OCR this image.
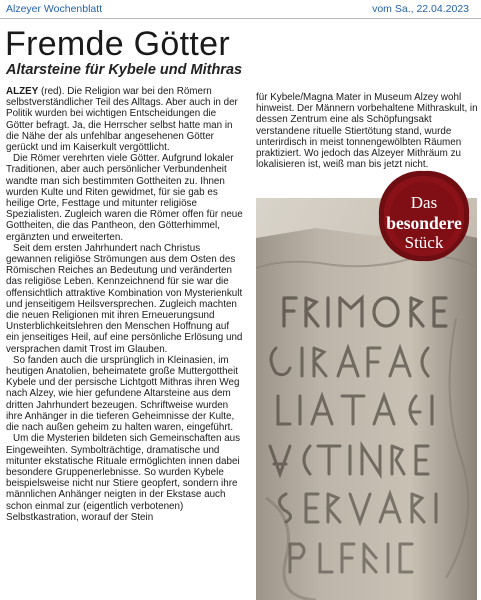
Alzeyer Wochenblatt	vom Sa., 22.04.2023
Fremde Götter
Altarsteine für Kybele und Mithras

ALZEY (red). Die Religion war bei den Römern selbstverständlicher Teil des Alltags. Aber auch in der Politik wurden bei wichtigen Entscheidungen die Götter befragt. Ja, die Herrscher selbst hatte man in die Nähe der als unfehlbar angesehenen Götter gerückt und im Kaiserkult vergöttlicht.

Die Römer verehrten viele Götter. Aufgrund lokaler Traditionen, aber auch persönlicher Verbundenheit wandte man sich bestimmten Gottheiten zu. Ihnen wurden Kulte und Riten gewidmet, für sie gab es heilige Orte, Festtage und mitunter religiöse Spezialisten. Zugleich waren die Römer offen für neue Gottheiten, die das Pantheon, den Götterhimmel, ergänzten und erweiterten.

Seit dem ersten Jahrhundert nach Christus gewannen religiöse Strömungen aus dem Osten des Römischen Reiches an Bedeutung und veränderten das religiöse Leben. Kennzeichnend für sie war die offensichtlich attraktive Kombination von Mysterienkult und jenseitigem Heilsversprechen. Zugleich machten die neuen Religionen mit ihren Erneuerungsund Unsterblichkeitslehren den Menschen Hoffnung auf ein jenseitiges Heil, auf eine persönliche Erlösung und versprachen damit Trost im Glauben.

So fanden auch die ursprünglich in Kleinasien, im heutigen Anatolien, beheimatete große Muttergottheit Kybele und der persische Lichtgott Mithras ihren Weg nach Alzey, wie hier gefundene Altarsteine aus dem dritten Jahrhundert bezeugen. Schriftweise wurden ihre Anhänger in die tieferen Geheimnisse der Kulte, die nach außen geheim zu halten waren, eingeführt.

Um die Mysterien bildeten sich Gemeinschaften aus Eingeweihten. Symbolträchtige, dramatische und mitunter ekstatische Rituale ermöglichten innen dabei besondere Gruppenerlebnisse. So wurden Kybele beispielsweise nicht nur Stiere geopfert, sondern ihre männlichen Anhänger neigten in der Ekstase auch schon einmal zur (eigentlich verbotenen) Selbstkastration, worauf der Stein

für Kybele/Magna Mater in Museum Alzey wohl hinweist. Der Männern vorbehaltene Mithraskult, in dessen Zentrum eine als Schöpfungsakt verstandene rituelle Stiertötung stand, wurde unterirdisch in meist tonnengewölbten Räumen praktiziert. Wo jedoch das Alzeyer Mithräum zu lokalisieren ist, weiß man bis jetzt nicht.

Das
besondere
Stück
